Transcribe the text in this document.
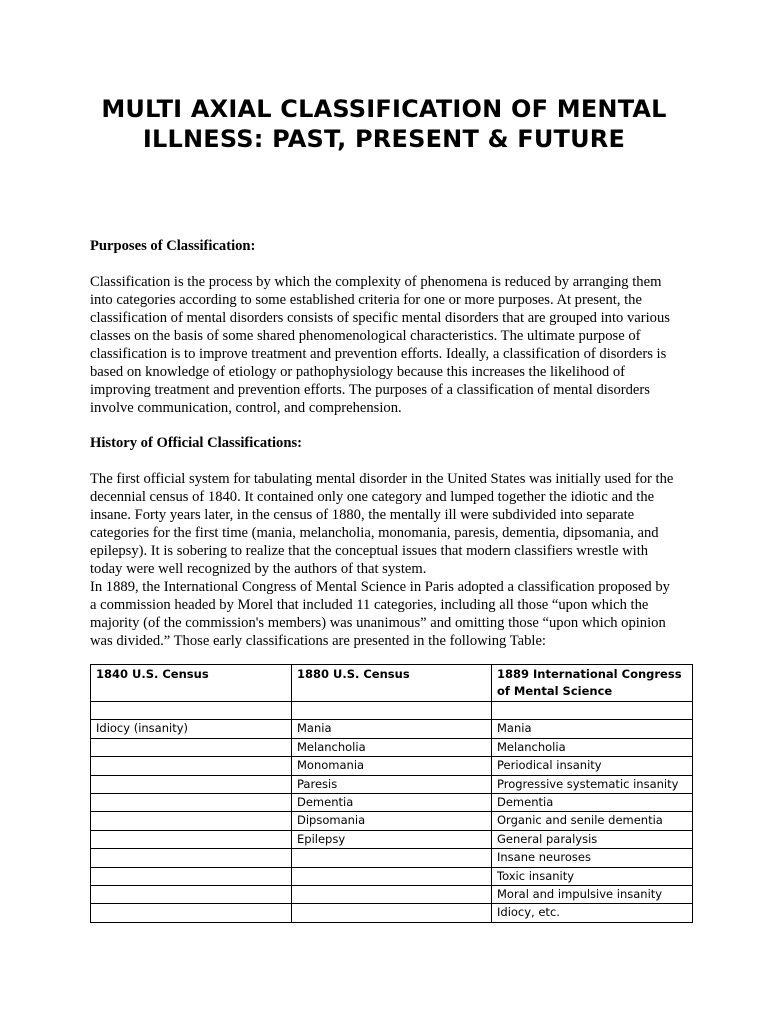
MULTI AXIAL CLASSIFICATION OF MENTAL ILLNESS: PAST, PRESENT & FUTURE

Purposes of Classification:

Classification is the process by which the complexity of phenomena is reduced by arranging them into categories according to some established criteria for one or more purposes. At present, the classification of mental disorders consists of specific mental disorders that are grouped into various classes on the basis of some shared phenomenological characteristics. The ultimate purpose of classification is to improve treatment and prevention efforts. Ideally, a classification of disorders is based on knowledge of etiology or pathophysiology because this increases the likelihood of improving treatment and prevention efforts. The purposes of a classification of mental disorders involve communication, control, and comprehension.

History of Official Classifications:

The first official system for tabulating mental disorder in the United States was initially used for the decennial census of 1840. It contained only one category and lumped together the idiotic and the insane. Forty years later, in the census of 1880, the mentally ill were subdivided into separate categories for the first time (mania, melancholia, monomania, paresis, dementia, dipsomania, and epilepsy). It is sobering to realize that the conceptual issues that modern classifiers wrestle with today were well recognized by the authors of that system.

In 1889, the International Congress of Mental Science in Paris adopted a classification proposed by a commission headed by Morel that included 11 categories, including all those “upon which the majority (of the commission's members) was unanimous” and omitting those “upon which opinion was divided.” Those early classifications are presented in the following Table:

1840 U.S. Census	1880 U.S. Census	1889 International Congress of Mental Science

Idiocy (insanity)	Mania	Mania
	Melancholia	Melancholia
	Monomania	Periodical insanity
	Paresis	Progressive systematic insanity
	Dementia	Dementia
	Dipsomania	Organic and senile dementia
	Epilepsy	General paralysis
		Insane neuroses
		Toxic insanity
		Moral and impulsive insanity
		Idiocy, etc.
